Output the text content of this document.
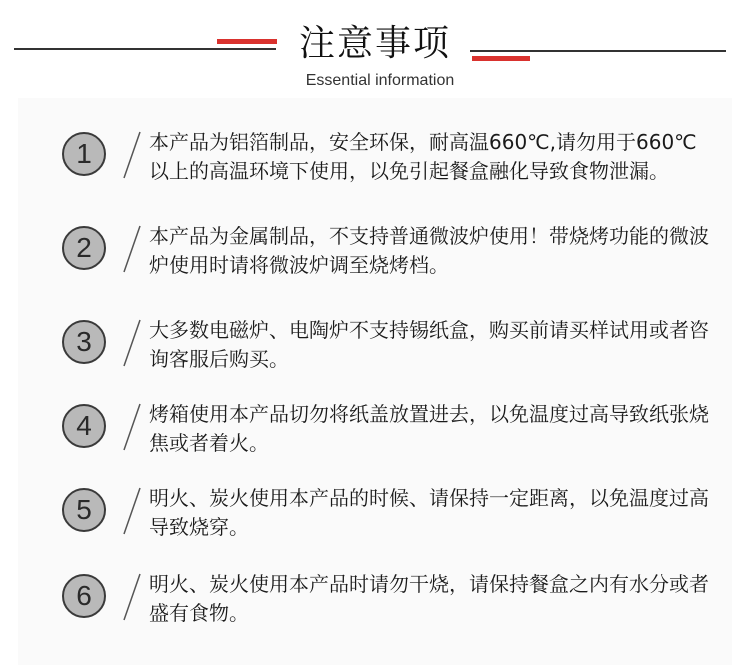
注意事项
Essential information
1	本产品为铝箔制品，安全环保，耐高温660℃,请勿用于660℃以上的高温环境下使用，以免引起餐盒融化导致食物泄漏。
2	本产品为金属制品，不支持普通微波炉使用！带烧烤功能的微波炉使用时请将微波炉调至烧烤档。
3	大多数电磁炉、电陶炉不支持锡纸盒，购买前请买样试用或者咨询客服后购买。
4	烤箱使用本产品切勿将纸盖放置进去，以免温度过高导致纸张烧焦或者着火。
5	明火、炭火使用本产品的时候、请保持一定距离，以免温度过高导致烧穿。
6	明火、炭火使用本产品时请勿干烧，请保持餐盒之内有水分或者盛有食物。
